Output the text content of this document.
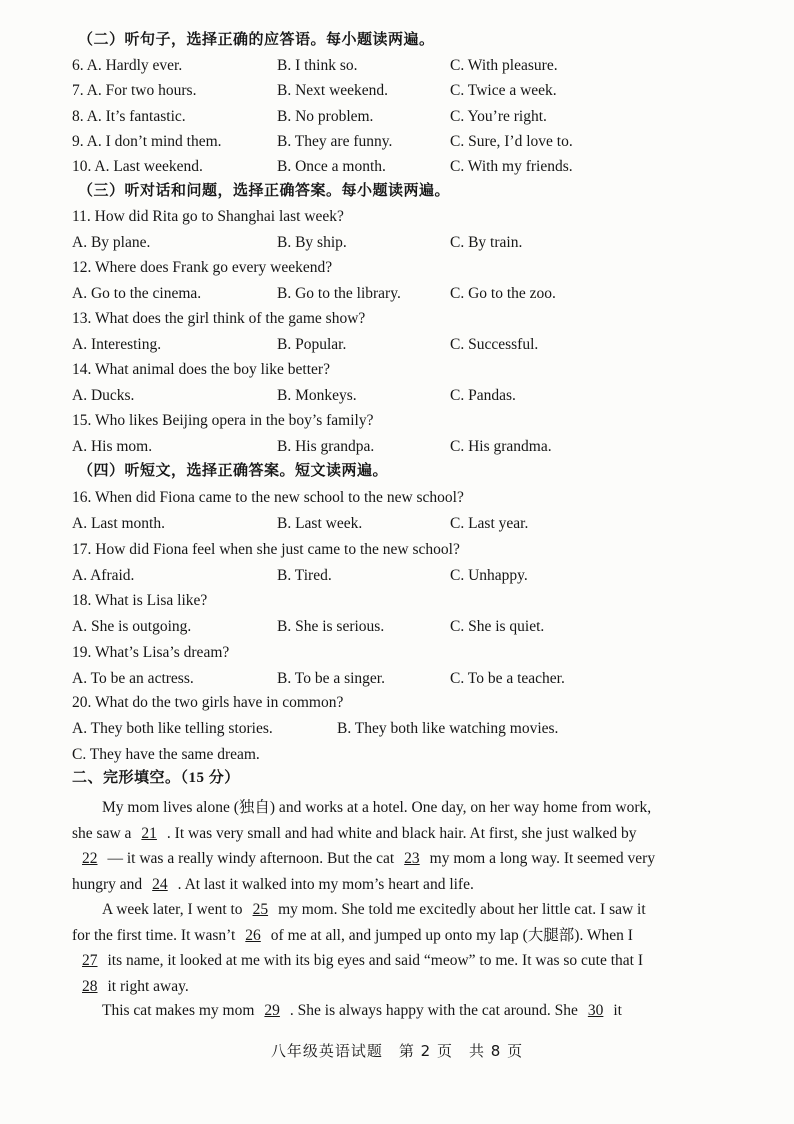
（二）听句子，选择正确的应答语。每小题读两遍。
6. A. Hardly ever.	B. I think so.	C. With pleasure.
7. A. For two hours.	B. Next weekend.	C. Twice a week.
8. A. It’s fantastic.	B. No problem.	C. You’re right.
9. A. I don’t mind them.	B. They are funny.	C. Sure, I’d love to.
10. A. Last weekend.	B. Once a month.	C. With my friends.
（三）听对话和问题，选择正确答案。每小题读两遍。
11. How did Rita go to Shanghai last week?
A. By plane.	B. By ship.	C. By train.
12. Where does Frank go every weekend?
A. Go to the cinema.	B. Go to the library.	C. Go to the zoo.
13. What does the girl think of the game show?
A. Interesting.	B. Popular.	C. Successful.
14. What animal does the boy like better?
A. Ducks.	B. Monkeys.	C. Pandas.
15. Who likes Beijing opera in the boy’s family?
A. His mom.	B. His grandpa.	C. His grandma.
（四）听短文，选择正确答案。短文读两遍。
16. When did Fiona came to the new school to the new school?
A. Last month.	B. Last week.	C. Last year.
17. How did Fiona feel when she just came to the new school?
A. Afraid.	B. Tired.	C. Unhappy.
18. What is Lisa like?
A. She is outgoing.	B. She is serious.	C. She is quiet.
19. What’s Lisa’s dream?
A. To be an actress.	B. To be a singer.	C. To be a teacher.
20. What do the two girls have in common?
A. They both like telling stories.	B. They both like watching movies.
C. They have the same dream.
二、完形填空。（15 分）
My mom lives alone (独自) and works at a hotel. One day, on her way home from work,
she saw a 21 . It was very small and had white and black hair. At first, she just walked by
22 — it was a really windy afternoon. But the cat 23 my mom a long way. It seemed very
hungry and 24 . At last it walked into my mom’s heart and life.
A week later, I went to 25 my mom. She told me excitedly about her little cat. I saw it
for the first time. It wasn’t 26 of me at all, and jumped up onto my lap (大腿部). When I
27 its name, it looked at me with its big eyes and said “meow” to me. It was so cute that I
28 it right away.
This cat makes my mom 29 . She is always happy with the cat around. She 30 it
八年级英语试题　第 2 页　共 8 页
